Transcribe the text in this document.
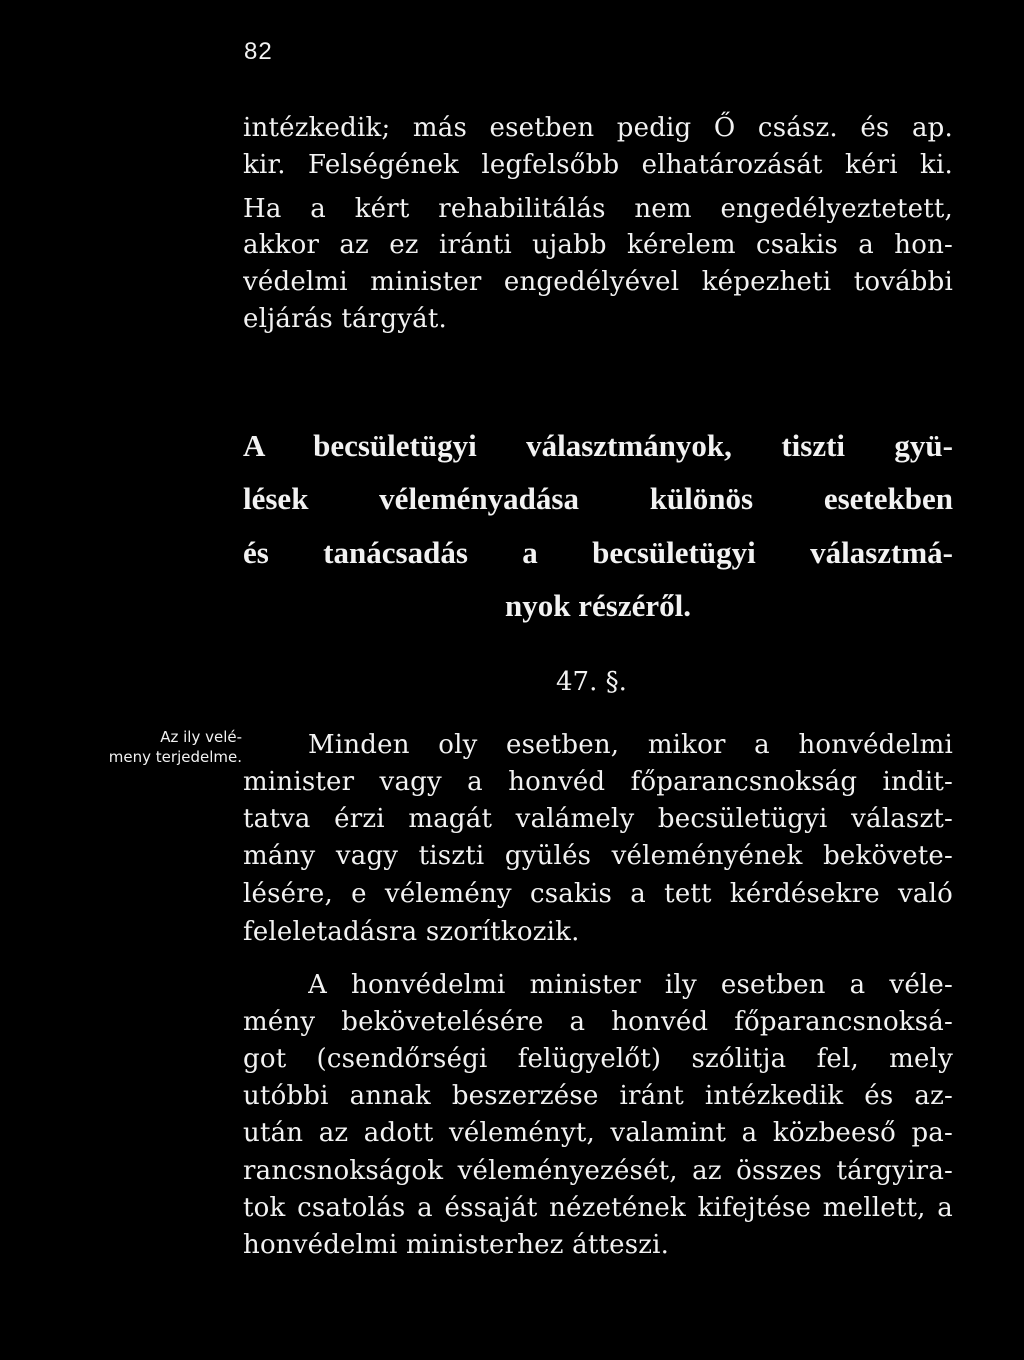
82
intézkedik; más esetben pedig Ő csász. és ap.
kir. Felségének legfelsőbb elhatározását kéri ki.
Ha a kért rehabilitálás nem engedélyeztetett,
akkor az ez iránti ujabb kérelem csakis a hon-
védelmi minister engedélyével képezheti további
eljárás tárgyát.
A becsületügyi választmányok, tiszti gyü-
lések véleményadása különös esetekben
és tanácsadás a becsületügyi választmá-
nyok részéről.
47. §.
Az ily velé-
meny terjedelme.	Minden oly esetben, mikor a honvédelmi
minister vagy a honvéd főparancsnokság indit-
tatva érzi magát valámely becsületügyi választ-
mány vagy tiszti gyülés véleményének bekövete-
lésére, e vélemény csakis a tett kérdésekre való
feleletadásra szorítkozik.
A honvédelmi minister ily esetben a véle-
mény bekövetelésére a honvéd főparancsnoksá-
got (csendőrségi felügyelőt) szólitja fel, mely
utóbbi annak beszerzése iránt intézkedik és az-
után az adott véleményt, valamint a közbeeső pa-
rancsnokságok véleményezését, az összes tárgyira-
tok csatolás a éssaját nézetének kifejtése mellett, a
honvédelmi ministerhez átteszi.
